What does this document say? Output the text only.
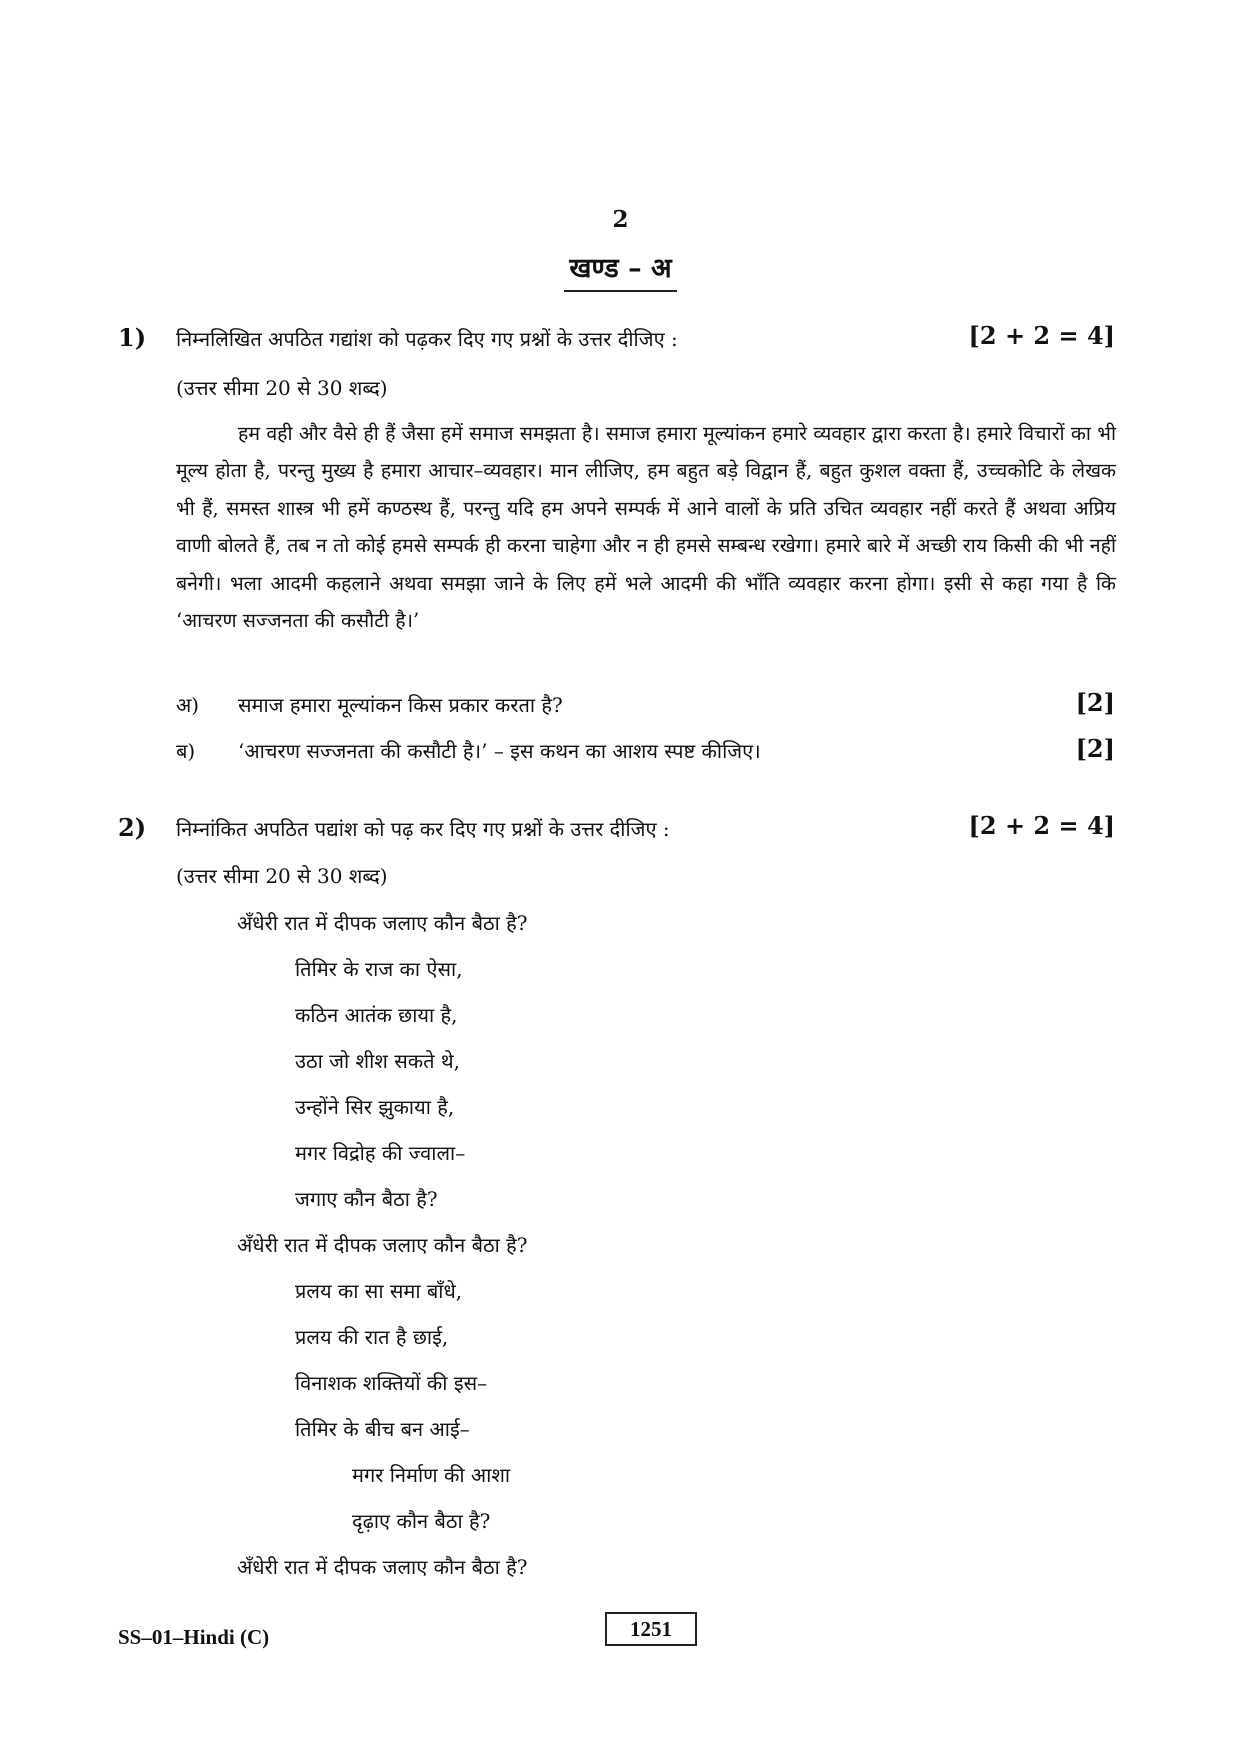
2
खण्ड – अ
1) निम्नलिखित अपठित गद्यांश को पढ़कर दिए गए प्रश्नों के उत्तर दीजिए :	[2 + 2 = 4]
(उत्तर सीमा 20 से 30 शब्द)

हम वही और वैसे ही हैं जैसा हमें समाज समझता है। समाज हमारा मूल्यांकन हमारे व्यवहार द्वारा करता है। हमारे विचारों का भी मूल्य होता है, परन्तु मुख्य है हमारा आचार–व्यवहार। मान लीजिए, हम बहुत बड़े विद्वान हैं, बहुत कुशल वक्ता हैं, उच्चकोटि के लेखक भी हैं, समस्त शास्त्र भी हमें कण्ठस्थ हैं, परन्तु यदि हम अपने सम्पर्क में आने वालों के प्रति उचित व्यवहार नहीं करते हैं अथवा अप्रिय वाणी बोलते हैं, तब न तो कोई हमसे सम्पर्क ही करना चाहेगा और न ही हमसे सम्बन्ध रखेगा। हमारे बारे में अच्छी राय किसी की भी नहीं बनेगी। भला आदमी कहलाने अथवा समझा जाने के लिए हमें भले आदमी की भाँति व्यवहार करना होगा। इसी से कहा गया है कि ‘आचरण सज्जनता की कसौटी है।’

अ) समाज हमारा मूल्यांकन किस प्रकार करता है?	[2]
ब) ‘आचरण सज्जनता की कसौटी है।’ – इस कथन का आशय स्पष्ट कीजिए।	[2]
2) निम्नांकित अपठित पद्यांश को पढ़ कर दिए गए प्रश्नों के उत्तर दीजिए :	[2 + 2 = 4]
(उत्तर सीमा 20 से 30 शब्द)
अँधेरी रात में दीपक जलाए कौन बैठा है?
तिमिर के राज का ऐसा,
कठिन आतंक छाया है,
उठा जो शीश सकते थे,
उन्होंने सिर झुकाया है,
मगर विद्रोह की ज्वाला–
जगाए कौन बैठा है?
अँधेरी रात में दीपक जलाए कौन बैठा है?
प्रलय का सा समा बाँधे,
प्रलय की रात है छाई,
विनाशक शक्तियों की इस–
तिमिर के बीच बन आई–
मगर निर्माण की आशा
दृढ़ाए कौन बैठा है?
अँधेरी रात में दीपक जलाए कौन बैठा है?
SS–01–Hindi (C)	1251
